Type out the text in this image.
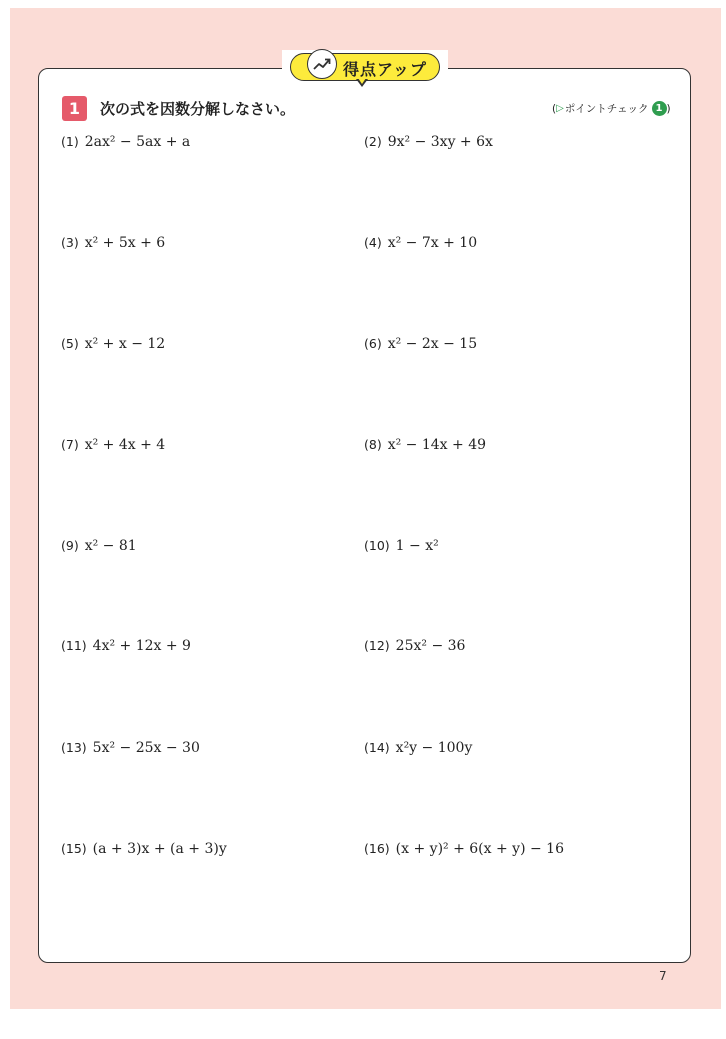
得点アップ
1	次の式を因数分解しなさい。	( ▷ ポイントチェック 1 )
(1) 2ax² − 5ax + a	(2) 9x² − 3xy + 6x
(3) x² + 5x + 6	(4) x² − 7x + 10
(5) x² + x − 12	(6) x² − 2x − 15
(7) x² + 4x + 4	(8) x² − 14x + 49
(9) x² − 81	(10) 1 − x²
(11) 4x² + 12x + 9	(12) 25x² − 36
(13) 5x² − 25x − 30	(14) x²y − 100y
(15) (a + 3)x + (a + 3)y	(16) (x + y)² + 6(x + y) − 16
7
